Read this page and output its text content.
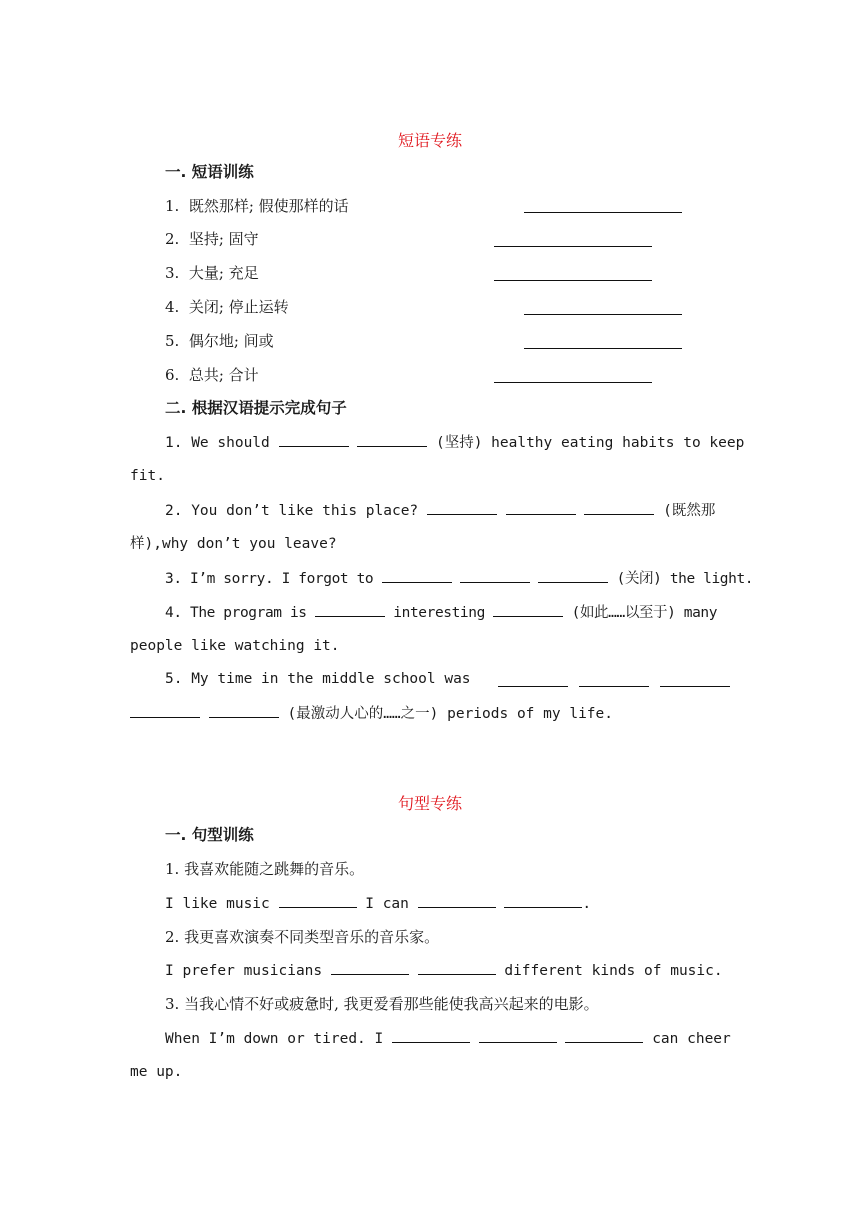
短语专练
一. 短语训练
1. 既然那样; 假使那样的话
2. 坚持; 固守
3. 大量; 充足
4. 关闭; 停止运转
5. 偶尔地; 间或
6. 总共; 合计
二. 根据汉语提示完成句子
1. We should	(坚持) healthy eating habits to keep
fit.
2. You don’t like this place?	(既然那
样),why don’t you leave?
3. I’m sorry. I forgot to	(关闭) the light.
4. The program is	interesting	(如此……以至于) many
people like watching it.
5. My time in the middle school was
(最激动人心的……之一) periods of my life.
句型专练
一. 句型训练
1. 我喜欢能随之跳舞的音乐。
I like music	I can	.
2. 我更喜欢演奏不同类型音乐的音乐家。
I prefer musicians	different kinds of music.
3. 当我心情不好或疲惫时, 我更爱看那些能使我高兴起来的电影。
When I’m down or tired. I	can cheer
me up.
